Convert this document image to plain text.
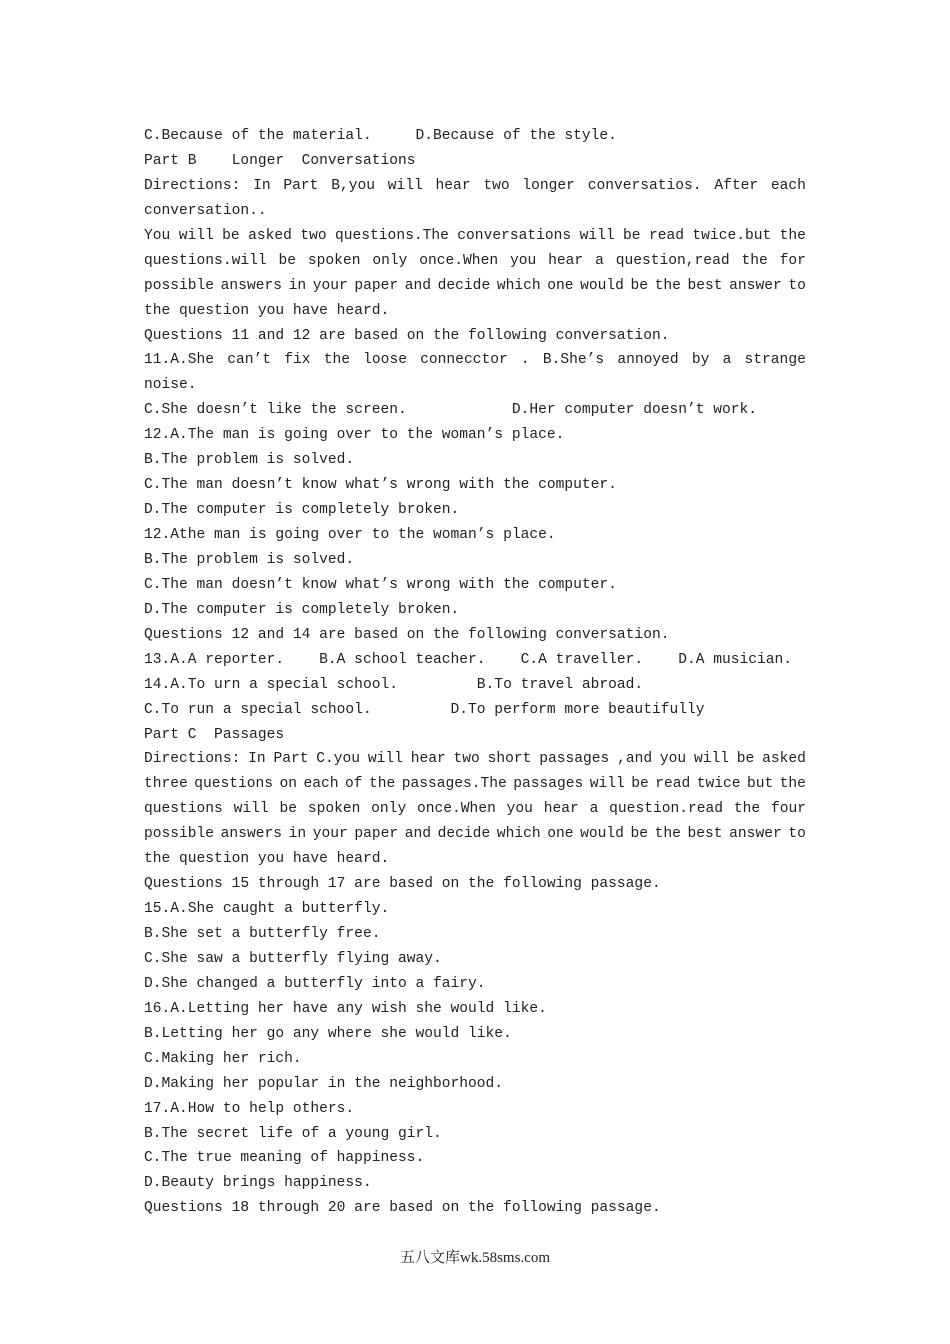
C.Because of the material.     D.Because of the style.
Part B    Longer  Conversations
Directions: In Part B,you will hear two longer conversatios. After each
conversation..
You will be asked two questions.The conversations will be read twice.but the
questions.will be spoken only once.When you hear a question,read the for
possible answers in your paper and decide which one would be the best answer to
the question you have heard.
Questions 11 and 12 are based on the following conversation.
11.A.She can’t fix the loose connecctor . B.She’s annoyed by a strange
noise.
C.She doesn’t like the screen.            D.Her computer doesn’t work.
12.A.The man is going over to the woman’s place.
B.The problem is solved.
C.The man doesn’t know what’s wrong with the computer.
D.The computer is completely broken.
12.Athe man is going over to the woman’s place.
B.The problem is solved.
C.The man doesn’t know what’s wrong with the computer.
D.The computer is completely broken.
Questions 12 and 14 are based on the following conversation.
13.A.A reporter.    B.A school teacher.    C.A traveller.    D.A musician.
14.A.To urn a special school.         B.To travel abroad.
C.To run a special school.         D.To perform more beautifully
Part C  Passages
Directions: In Part C.you will hear two short passages ,and you will be asked
three questions on each of the passages.The passages will be read twice but the
questions will be spoken only once.When you hear a question.read the four
possible answers in your paper and decide which one would be the best answer to
the question you have heard.
Questions 15 through 17 are based on the following passage.
15.A.She caught a butterfly.
B.She set a butterfly free.
C.She saw a butterfly flying away.
D.She changed a butterfly into a fairy.
16.A.Letting her have any wish she would like.
B.Letting her go any where she would like.
C.Making her rich.
D.Making her popular in the neighborhood.
17.A.How to help others.
B.The secret life of a young girl.
C.The true meaning of happiness.
D.Beauty brings happiness.
Questions 18 through 20 are based on the following passage.
五八文库wk.58sms.com
